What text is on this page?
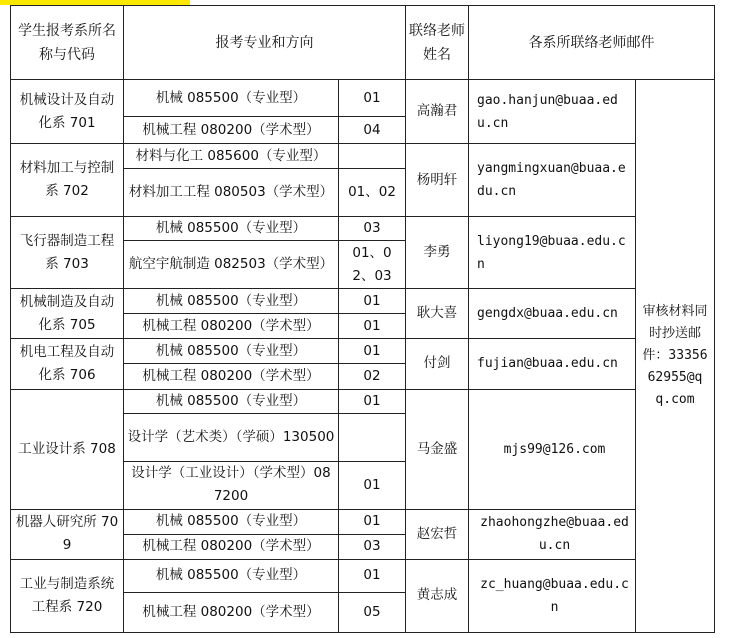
学生报考系所名称与代码	报考专业和方向		联络老师姓名	各系所联络老师邮件	
机械设计及自动化系 701	机械 085500（专业型）	01	高瀚君	gao.hanjun@buaa.edu.cn	审核材料同时抄送邮件：3335662955@qq.com
	机械工程 080200（学术型）	04			
材料加工与控制系 702	材料与化工 085600（专业型）		杨明轩	yangmingxuan@buaa.edu.cn	
	材料加工工程 080503（学术型）	01、02			
飞行器制造工程系 703	机械 085500（专业型）	03	李勇	liyong19@buaa.edu.cn	
	航空宇航制造 082503（学术型）	01、02、03			
机械制造及自动化系 705	机械 085500（专业型）	01	耿大喜	gengdx@buaa.edu.cn	
	机械工程 080200（学术型）	01			
机电工程及自动化系 706	机械 085500（专业型）	01	付剑	fujian@buaa.edu.cn	
	机械工程 080200（学术型）	02			
工业设计系 708	机械 085500（专业型）	01	马金盛	mjs99@126.com	
	设计学（艺术类）（学硕）130500				
	设计学（工业设计）（学术型）087200	01			
机器人研究所 709	机械 085500（专业型）	01	赵宏哲	zhaohongzhe@buaa.edu.cn	
	机械工程 080200（学术型）	03			
工业与制造系统工程系 720	机械 085500（专业型）	01	黄志成	zc_huang@buaa.edu.cn	
	机械工程 080200（学术型）	05			
